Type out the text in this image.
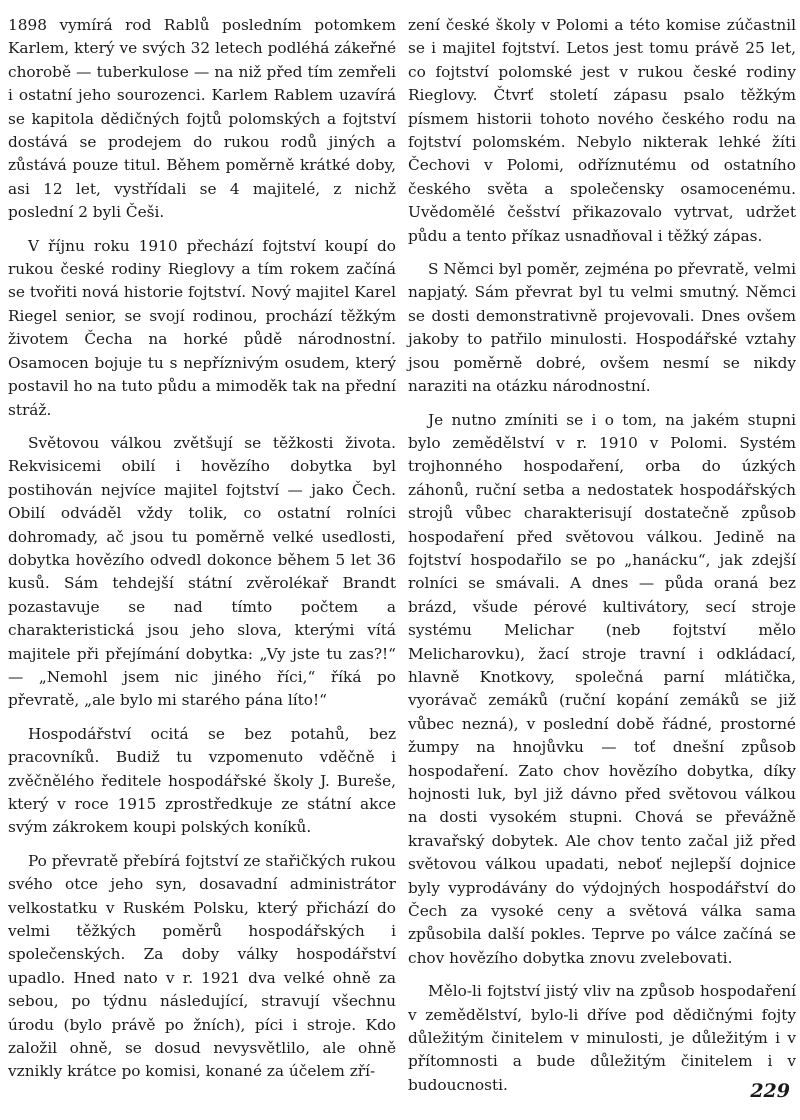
1898 vymírá rod Rablů posledním potomkem Karlem, který ve svých 32 letech podléhá zákeřné chorobě — tuberkulose — na niž před tím zemřeli i ostatní jeho sourozenci. Karlem Rablem uzavírá se kapitola dědičných fojtů polomských a fojtství dostává se prodejem do rukou rodů jiných a zůstává pouze titul. Během poměrně krátké doby, asi 12 let, vystřídali se 4 majitelé, z nichž poslední 2 byli Češi.

V říjnu roku 1910 přechází fojtství koupí do rukou české rodiny Rieglovy a tím rokem začíná se tvořiti nová historie fojtství. Nový majitel Karel Riegel senior, se svojí rodinou, prochází těžkým životem Čecha na horké půdě národnostní. Osamocen bojuje tu s nepříznivým osudem, který postavil ho na tuto půdu a mimoděk tak na přední stráž.

Světovou válkou zvětšují se těžkosti života. Rekvisicemi obilí i hovězího dobytka byl postihován nejvíce majitel fojtství — jako Čech. Obilí odváděl vždy tolik, co ostatní rolníci dohromady, ač jsou tu poměrně velké usedlosti, dobytka hovězího odvedl dokonce během 5 let 36 kusů. Sám tehdejší státní zvěrolékař Brandt pozastavuje se nad tímto počtem a charakteristická jsou jeho slova, kterými vítá majitele při přejímání dobytka: „Vy jste tu zas?!“ — „Nemohl jsem nic jiného říci,“ říká po převratě, „ale bylo mi starého pána líto!“

Hospodářství ocitá se bez potahů, bez pracovníků. Budiž tu vzpomenuto vděčně i zvěčnělého ředitele hospodářské školy J. Bureše, který v roce 1915 zprostředkuje ze státní akce svým zákrokem koupi polských koníků.

Po převratě přebírá fojtství ze stařičkých rukou svého otce jeho syn, dosavadní administrátor velkostatku v Ruském Polsku, který přichází do velmi těžkých poměrů hospodářských i společenských. Za doby války hospodářství upadlo. Hned nato v r. 1921 dva velké ohně za sebou, po týdnu následující, stravují všechnu úrodu (bylo právě po žních), píci i stroje. Kdo založil ohně, se dosud nevysvětlilo, ale ohně vznikly krátce po komisi, konané za účelem zří-

zení české školy v Polomi a této komise zúčastnil se i majitel fojtství. Letos jest tomu právě 25 let, co fojtství polomské jest v rukou české rodiny Rieglovy. Čtvrť století zápasu psalo těžkým písmem historii tohoto nového českého rodu na fojtství polomském. Nebylo nikterak lehké žíti Čechovi v Polomi, odříznutému od ostatního českého světa a společensky osamocenému. Uvědomělé češství přikazovalo vytrvat, udržet půdu a tento příkaz usnadňoval i těžký zápas.

S Němci byl poměr, zejména po převratě, velmi napjatý. Sám převrat byl tu velmi smutný. Němci se dosti demonstrativně projevovali. Dnes ovšem jakoby to patřilo minulosti. Hospodářské vztahy jsou poměrně dobré, ovšem nesmí se nikdy naraziti na otázku národnostní.

Je nutno zmíniti se i o tom, na jakém stupni bylo zemědělství v r. 1910 v Polomi. Systém trojhonného hospodaření, orba do úzkých záhonů, ruční setba a nedostatek hospodářských strojů vůbec charakterisují dostatečně způsob hospodaření před světovou válkou. Jedině na fojtství hospodařilo se po „hanácku“, jak zdejší rolníci se smávali. A dnes — půda oraná bez brázd, všude pérové kultivátory, secí stroje systému Melichar (neb fojtství mělo Melicharovku), žací stroje travní i odkládací, hlavně Knotkovy, společná parní mlátička, vyorávač zemáků (ruční kopání zemáků se již vůbec nezná), v poslední době řádné, prostorné žumpy na hnojůvku — toť dnešní způsob hospodaření. Zato chov hovězího dobytka, díky hojnosti luk, byl již dávno před světovou válkou na dosti vysokém stupni. Chová se převážně kravařský dobytek. Ale chov tento začal již před světovou válkou upadati, neboť nejlepší dojnice byly vyprodávány do výdojných hospodářství do Čech za vysoké ceny a světová válka sama způsobila další pokles. Teprve po válce začíná se chov hovězího dobytka znovu zvelebovati.

Mělo-li fojtství jistý vliv na způsob hospodaření v zemědělství, bylo-li dříve pod dědičnými fojty důležitým činitelem v minulosti, je důležitým i v přítomnosti a bude důležitým činitelem i v budoucnosti.	229
